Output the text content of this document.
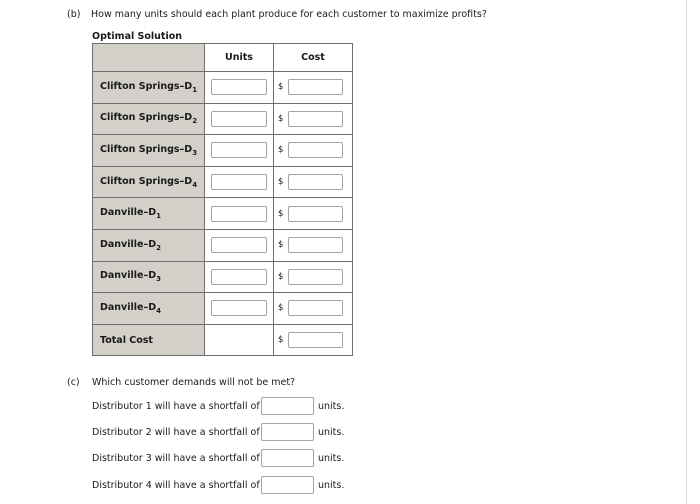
(b) How many units should each plant produce for each customer to maximize profits?
Optimal Solution
	Units	Cost
Clifton Springs–$D_1$		$
Clifton Springs–$D_2$		$
Clifton Springs–$D_3$		$
Clifton Springs–$D_4$		$
Danville–$D_1$		$
Danville–$D_2$		$
Danville–$D_3$		$
Danville–$D_4$		$
Total Cost		$
(c) Which customer demands will not be met?
Distributor 1 will have a shortfall of	units.
Distributor 2 will have a shortfall of	units.
Distributor 3 will have a shortfall of	units.
Distributor 4 will have a shortfall of	units.
